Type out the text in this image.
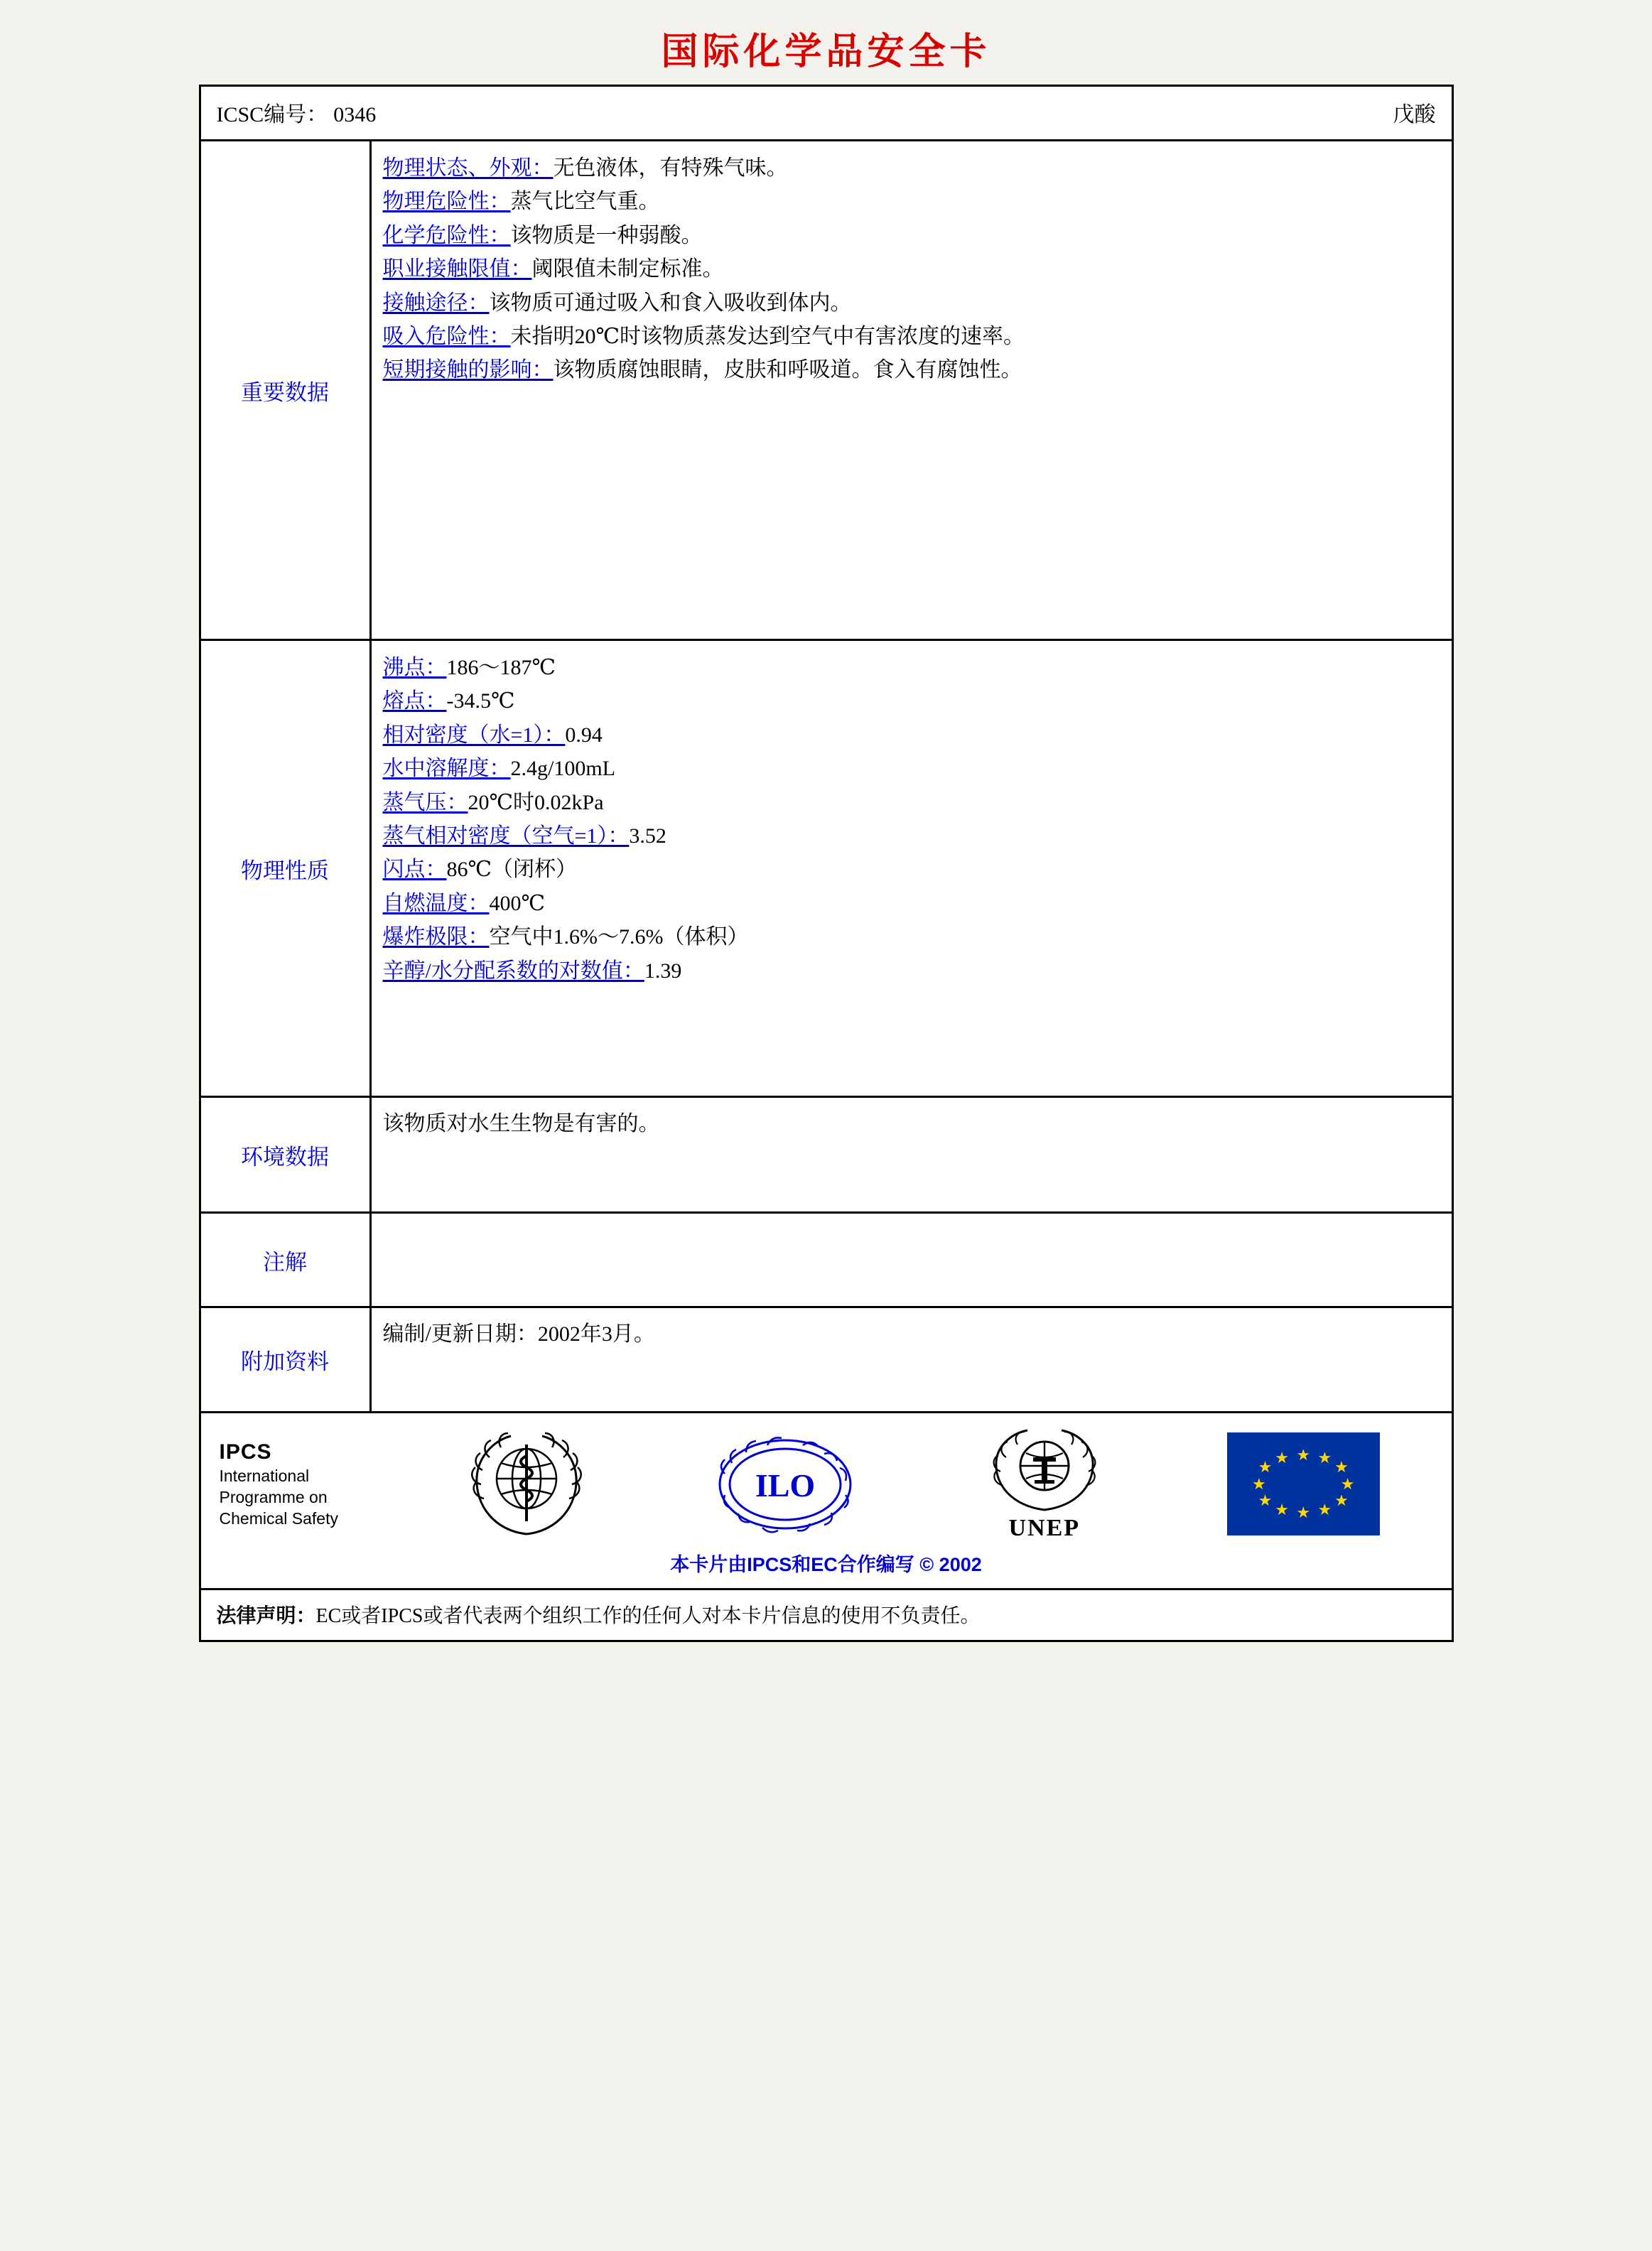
国际化学品安全卡
ICSC编号： 0346	戊酸
重要数据
物理状态、外观：无色液体，有特殊气味。
物理危险性：蒸气比空气重。
化学危险性：该物质是一种弱酸。
职业接触限值：阈限值未制定标准。
接触途径：该物质可通过吸入和食入吸收到体内。
吸入危险性：未指明20℃时该物质蒸发达到空气中有害浓度的速率。
短期接触的影响：该物质腐蚀眼睛，皮肤和呼吸道。食入有腐蚀性。
物理性质
沸点：186～187℃
熔点：-34.5℃
相对密度（水=1）：0.94
水中溶解度：2.4g/100mL
蒸气压：20℃时0.02kPa
蒸气相对密度（空气=1）：3.52
闪点：86℃（闭杯）
自燃温度：400℃
爆炸极限：空气中1.6%～7.6%（体积）
辛醇/水分配系数的对数值：1.39
环境数据
该物质对水生生物是有害的。
注解
附加资料
编制/更新日期：2002年3月。
IPCS
International
Programme on
Chemical Safety
ILO
UNEP
★ ★
★
★
★
★
★
★
★
★
★
★
本卡片由IPCS和EC合作编写 © 2002
法律声明：EC或者IPCS或者代表两个组织工作的任何人对本卡片信息的使用不负责任。
